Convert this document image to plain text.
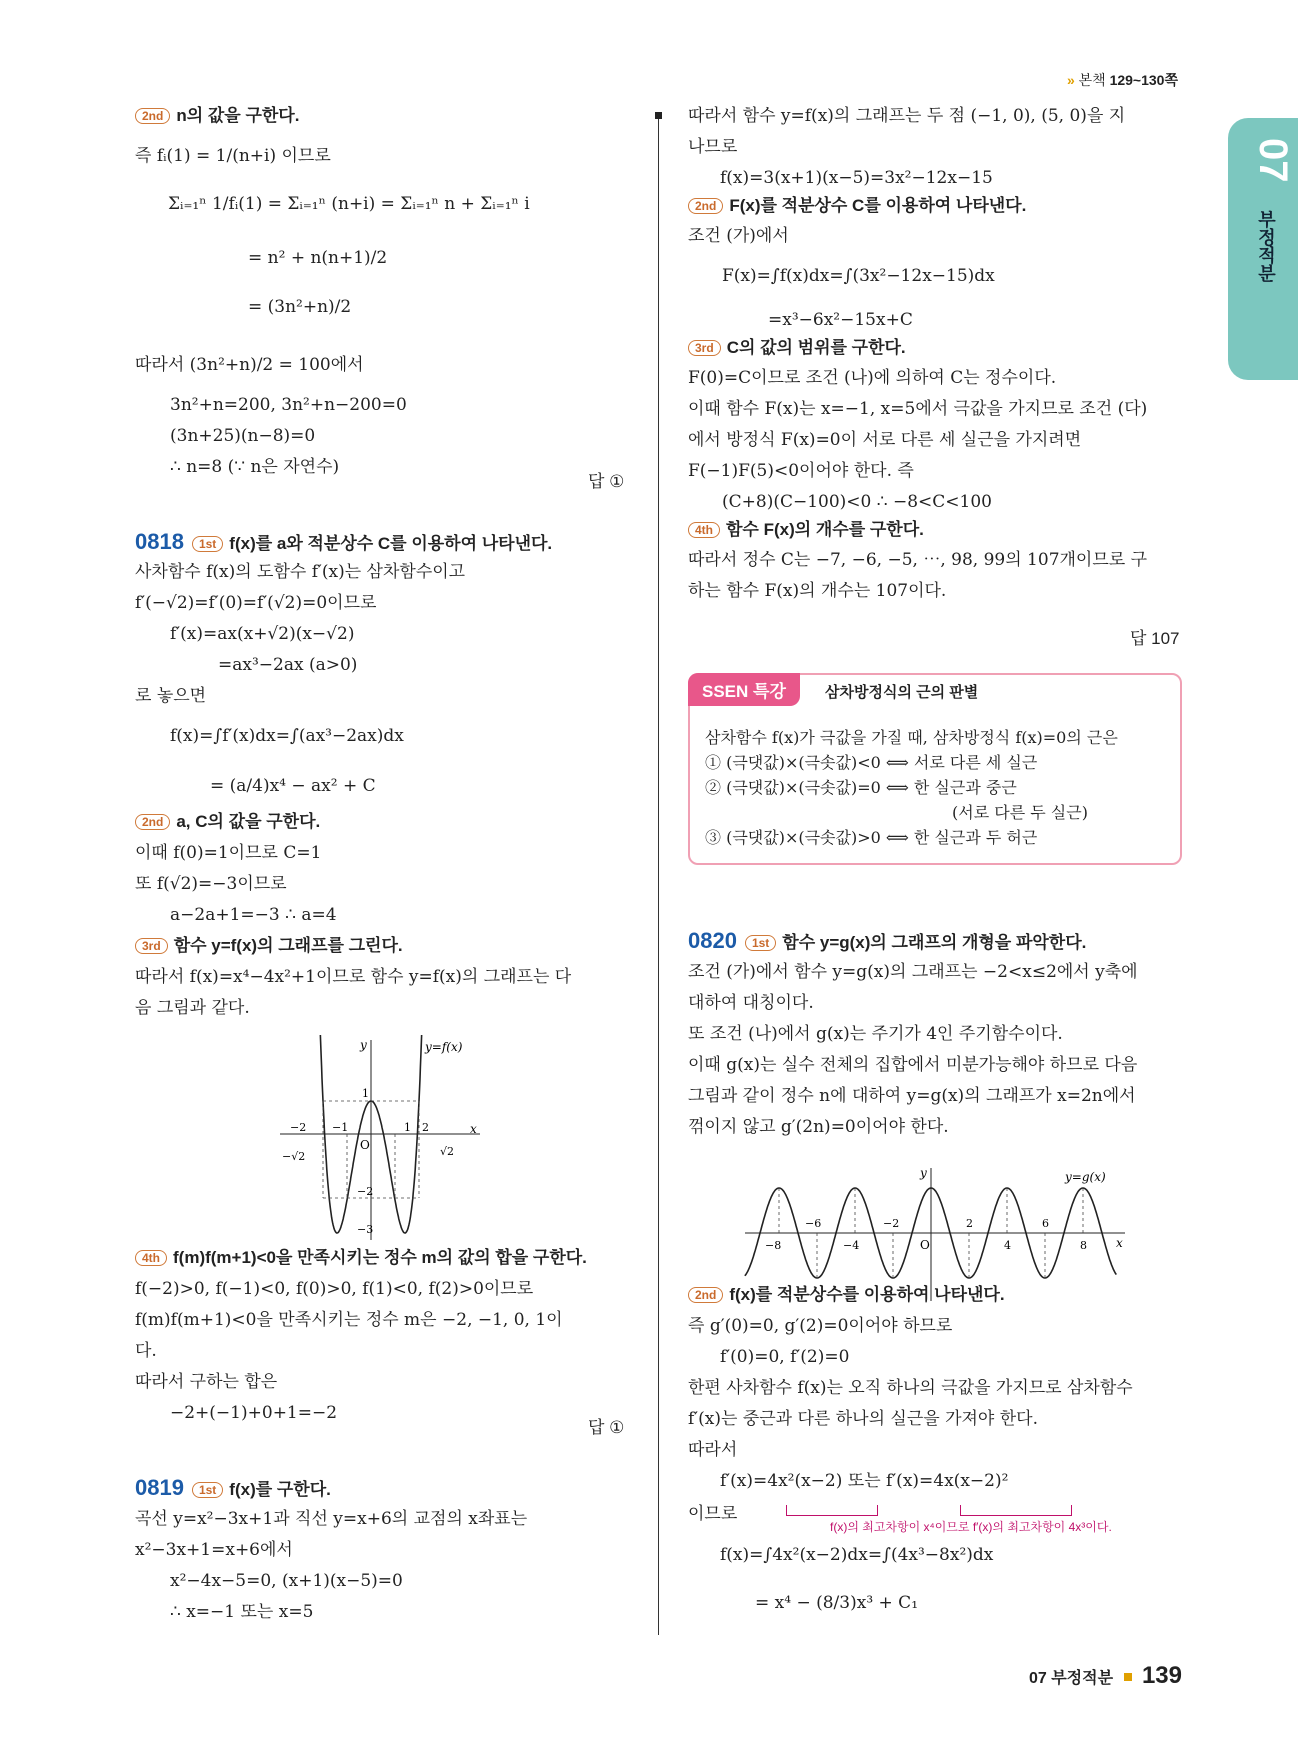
» 본책 129~130쪽
07
부정적분
2nd n의 값을 구한다.
즉 fᵢ(1) = 1/(n+i) 이므로
Σᵢ₌₁ⁿ 1/fᵢ(1) = Σᵢ₌₁ⁿ (n+i) = Σᵢ₌₁ⁿ n + Σᵢ₌₁ⁿ i
= n² + n(n+1)/2
= (3n²+n)/2
따라서 (3n²+n)/2 = 100에서
3n²+n=200, 3n²+n−200=0
(3n+25)(n−8)=0
∴ n=8 (∵ n은 자연수)
0818 1st f(x)를 a와 적분상수 C를 이용하여 나타낸다.
사차함수 f(x)의 도함수 f′(x)는 삼차함수이고
f′(−√2)=f′(0)=f′(√2)=0이므로
f′(x)=ax(x+√2)(x−√2)
=ax³−2ax (a>0)
로 놓으면
f(x)=∫f′(x)dx=∫(ax³−2ax)dx
= (a/4)x⁴ − ax² + C
2nd a, C의 값을 구한다.
이때 f(0)=1이므로 C=1
또 f(√2)=−3이므로
a−2a+1=−3 ∴ a=4
3rd 함수 y=f(x)의 그래프를 그린다.
따라서 f(x)=x⁴−4x²+1이므로 함수 y=f(x)의 그래프는 다
음 그림과 같다.
4th f(m)f(m+1)<0을 만족시키는 정수 m의 값의 합을 구한다.
f(−2)>0, f(−1)<0, f(0)>0, f(1)<0, f(2)>0이므로
f(m)f(m+1)<0을 만족시키는 정수 m은 −2, −1, 0, 1이
다.
따라서 구하는 합은
−2+(−1)+0+1=−2
0819 1st f(x)를 구한다.
곡선 y=x²−3x+1과 직선 y=x+6의 교점의 x좌표는
x²−3x+1=x+6에서
x²−4x−5=0, (x+1)(x−5)=0
∴ x=−1 또는 x=5
따라서 함수 y=f(x)의 그래프는 두 점 (−1, 0), (5, 0)을 지
나므로
f(x)=3(x+1)(x−5)=3x²−12x−15
2nd F(x)를 적분상수 C를 이용하여 나타낸다.
조건 (가)에서
F(x)=∫f(x)dx=∫(3x²−12x−15)dx
=x³−6x²−15x+C
3rd C의 값의 범위를 구한다.
F(0)=C이므로 조건 (나)에 의하여 C는 정수이다.
이때 함수 F(x)는 x=−1, x=5에서 극값을 가지므로 조건 (다)
에서 방정식 F(x)=0이 서로 다른 세 실근을 가지려면
F(−1)F(5)<0이어야 한다. 즉
(C+8)(C−100)<0 ∴ −8<C<100
4th 함수 F(x)의 개수를 구한다.
따라서 정수 C는 −7, −6, −5, ⋯, 98, 99의 107개이므로 구
하는 함수 F(x)의 개수는 107이다.
0820 1st 함수 y=g(x)의 그래프의 개형을 파악한다.
조건 (가)에서 함수 y=g(x)의 그래프는 −2<x≤2에서 y축에
대하여 대칭이다.
또 조건 (나)에서 g(x)는 주기가 4인 주기함수이다.
이때 g(x)는 실수 전체의 집합에서 미분가능해야 하므로 다음
그림과 같이 정수 n에 대하여 y=g(x)의 그래프가 x=2n에서
꺾이지 않고 g′(2n)=0이어야 한다.
2nd f(x)를 적분상수를 이용하여 나타낸다.
즉 g′(0)=0, g′(2)=0이어야 하므로
f′(0)=0, f′(2)=0
한편 사차함수 f(x)는 오직 하나의 극값을 가지므로 삼차함수
f′(x)는 중근과 다른 하나의 실근을 가져야 한다.
따라서
f′(x)=4x²(x−2) 또는 f′(x)=4x(x−2)²
이므로
f(x)=∫4x²(x−2)dx=∫(4x³−8x²)dx
= x⁴ − (8/3)x³ + C₁
답 ①
답 ①
답 107
SSEN 특강	삼차방정식의 근의 판별
삼차함수 f(x)가 극값을 가질 때, 삼차방정식 f(x)=0의 근은
① (극댓값)×(극솟값)<0 ⟺ 서로 다른 세 실근
② (극댓값)×(극솟값)=0 ⟺ 한 실근과 중근
(서로 다른 두 실근)
③ (극댓값)×(극솟값)>0 ⟺ 한 실근과 두 허근
f(x)의 최고차항이 x⁴이므로 f′(x)의 최고차항이 4x³이다.
y
x
y=f(x)
O
−2 −1	1 2
1
−2
−3
−√2	√2
y
x
y=g(x)
O
−8
−6
−4
−2	2
4
6
8
07 부정적분 139
